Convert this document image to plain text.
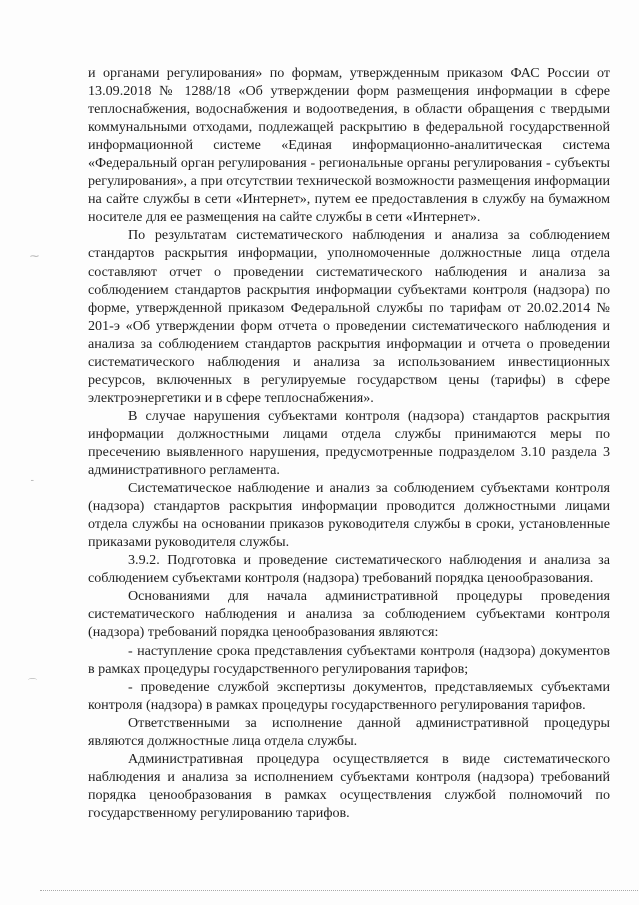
и органами регулирования» по формам, утвержденным приказом ФАС России от 13.09.2018 № 1288/18 «Об утверждении форм размещения информации в сфере теплоснабжения, водоснабжения и водоотведения, в области обращения с твердыми коммунальными отходами, подлежащей раскрытию в федеральной государственной информационной системе «Единая информационно-аналитическая система «Федеральный орган регулирования - региональные органы регулирования - субъекты регулирования», а при отсутствии технической возможности размещения информации на сайте службы в сети «Интернет», путем ее предоставления в службу на бумажном носителе для ее размещения на сайте службы в сети «Интернет».

По результатам систематического наблюдения и анализа за соблюдением стандартов раскрытия информации, уполномоченные должностные лица отдела составляют отчет о проведении систематического наблюдения и анализа за соблюдением стандартов раскрытия информации субъектами контроля (надзора) по форме, утвержденной приказом Федеральной службы по тарифам от 20.02.2014 № 201-э «Об утверждении форм отчета о проведении систематического наблюдения и анализа за соблюдением стандартов раскрытия информации и отчета о проведении систематического наблюдения и анализа за использованием инвестиционных ресурсов, включенных в регулируемые государством цены (тарифы) в сфере электроэнергетики и в сфере теплоснабжения».

В случае нарушения субъектами контроля (надзора) стандартов раскрытия информации должностными лицами отдела службы принимаются меры по пресечению выявленного нарушения, предусмотренные подразделом 3.10 раздела 3 административного регламента.

Систематическое наблюдение и анализ за соблюдением субъектами контроля (надзора) стандартов раскрытия информации проводится должностными лицами отдела службы на основании приказов руководителя службы в сроки, установленные приказами руководителя службы.

3.9.2. Подготовка и проведение систематического наблюдения и анализа за соблюдением субъектами контроля (надзора) требований порядка ценообразования.

Основаниями для начала административной процедуры проведения систематического наблюдения и анализа за соблюдением субъектами контроля (надзора) требований порядка ценообразования являются:

- наступление срока представления субъектами контроля (надзора) документов в рамках процедуры государственного регулирования тарифов;

- проведение службой экспертизы документов, представляемых субъектами контроля (надзора) в рамках процедуры государственного регулирования тарифов.

Ответственными за исполнение данной административной процедуры являются должностные лица отдела службы.

Административная процедура осуществляется в виде систематического наблюдения и анализа за исполнением субъектами контроля (надзора) требований порядка ценообразования в рамках осуществления службой полномочий по государственному регулированию тарифов.

⁓
ˍ
⌒
